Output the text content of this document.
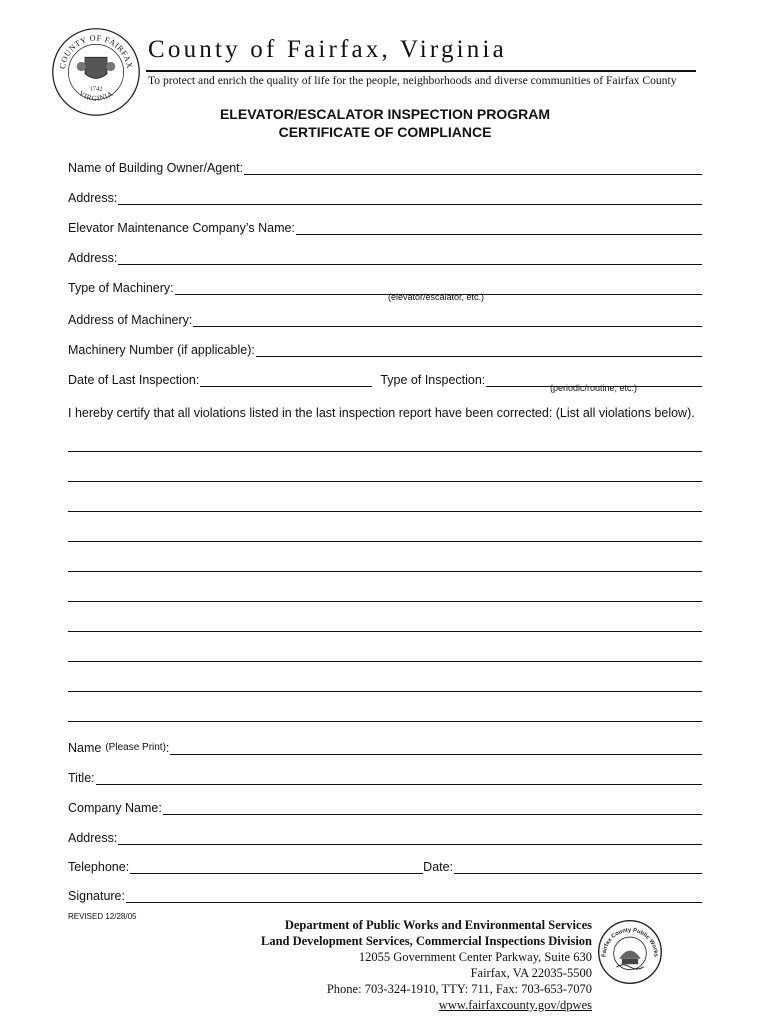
COUNTY OF FAIRFAX
VIRGINIA
1742
County of Fairfax, Virginia
To protect and enrich the quality of life for the people, neighborhoods and diverse communities of Fairfax County
ELEVATOR/ESCALATOR INSPECTION PROGRAM
CERTIFICATE OF COMPLIANCE
Name of Building Owner/Agent:
Address:
Elevator Maintenance Company’s Name:
Address:
Type of Machinery:
(elevator/escalator, etc.)
Address of Machinery:
Machinery Number (if applicable):
Date of Last Inspection:	Type of Inspection:
(periodic/routine, etc.)
I hereby certify that all violations listed in the last inspection report have been corrected: (List all violations below).
Name (Please Print) :
Title:
Company Name:
Address:
Telephone:	Date:
Signature:
REVISED 12/28/05
Department of Public Works and Environmental Services
Land Development Services, Commercial Inspections Division
12055 Government Center Parkway, Suite 630
Fairfax, VA 22035-5500
Phone: 703-324-1910, TTY: 711, Fax: 703-653-7070
www.fairfaxcounty.gov/dpwes
Fairfax County Public Works
